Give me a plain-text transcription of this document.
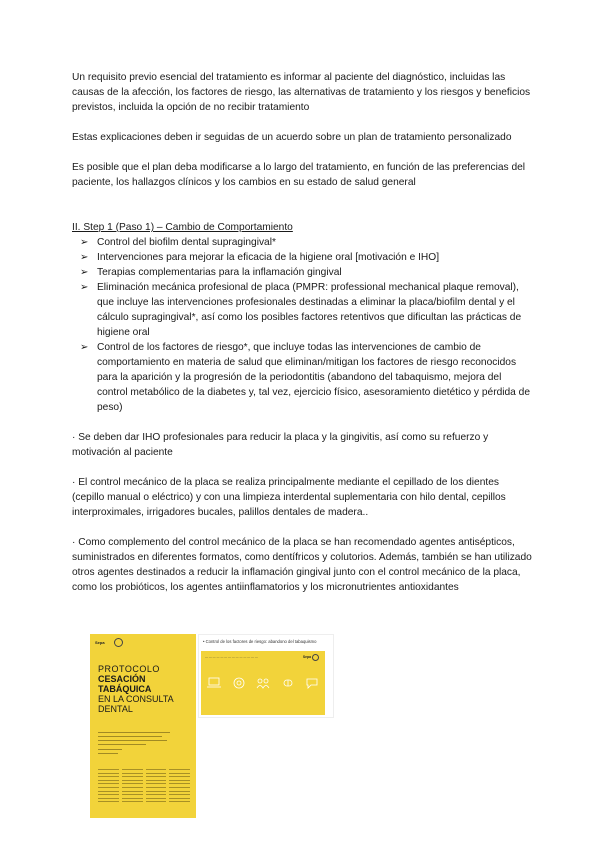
Un requisito previo esencial del tratamiento es informar al paciente del diagnóstico, incluidas las causas de la afección, los factores de riesgo, las alternativas de tratamiento y los riesgos y beneficios previstos, incluida la opción de no recibir tratamiento

Estas explicaciones deben ir seguidas de un acuerdo sobre un plan de tratamiento personalizado

Es posible que el plan deba modificarse a lo largo del tratamiento, en función de las preferencias del paciente, los hallazgos clínicos y los cambios en su estado de salud general

II. Step 1 (Paso 1) – Cambio de Comportamiento

➢ Control del biofilm dental supragingival*
➢ Intervenciones para mejorar la eficacia de la higiene oral [motivación e IHO]
➢ Terapias complementarias para la inflamación gingival
➢ Eliminación mecánica profesional de placa (PMPR: professional mechanical plaque removal), que incluye las intervenciones profesionales destinadas a eliminar la placa/biofilm dental y el cálculo supragingival*, así como los posibles factores retentivos que dificultan las prácticas de higiene oral
➢ Control de los factores de riesgo*, que incluye todas las intervenciones de cambio de comportamiento en materia de salud que eliminan/mitigan los factores de riesgo reconocidos para la aparición y la progresión de la periodontitis (abandono del tabaquismo, mejora del control metabólico de la diabetes y, tal vez, ejercicio físico, asesoramiento dietético y pérdida de peso)

· Se deben dar IHO profesionales para reducir la placa y la gingivitis, así como su refuerzo y motivación al paciente

· El control mecánico de la placa se realiza principalmente mediante el cepillado de los dientes (cepillo manual o eléctrico) y con una limpieza interdental suplementaria con hilo dental, cepillos interproximales, irrigadores bucales, palillos dentales de madera..

· Como complemento del control mecánico de la placa se han recomendado agentes antisépticos, suministrados en diferentes formatos, como dentífricos y colutorios. Además, también se han utilizado otros agentes destinados a reducir la inflamación gingival junto con el control mecánico de la placa, como los probióticos, los agentes antiinflamatorios y los micronutrientes antioxidantes

Sepa
PROTOCOLO
CESACIÓN
TABÁQUICA
EN LA CONSULTA
DENTAL
• Control de los factores de riesgo: abandono del tabaquismo
— — — — — — — — — — — — — —	Sepa
